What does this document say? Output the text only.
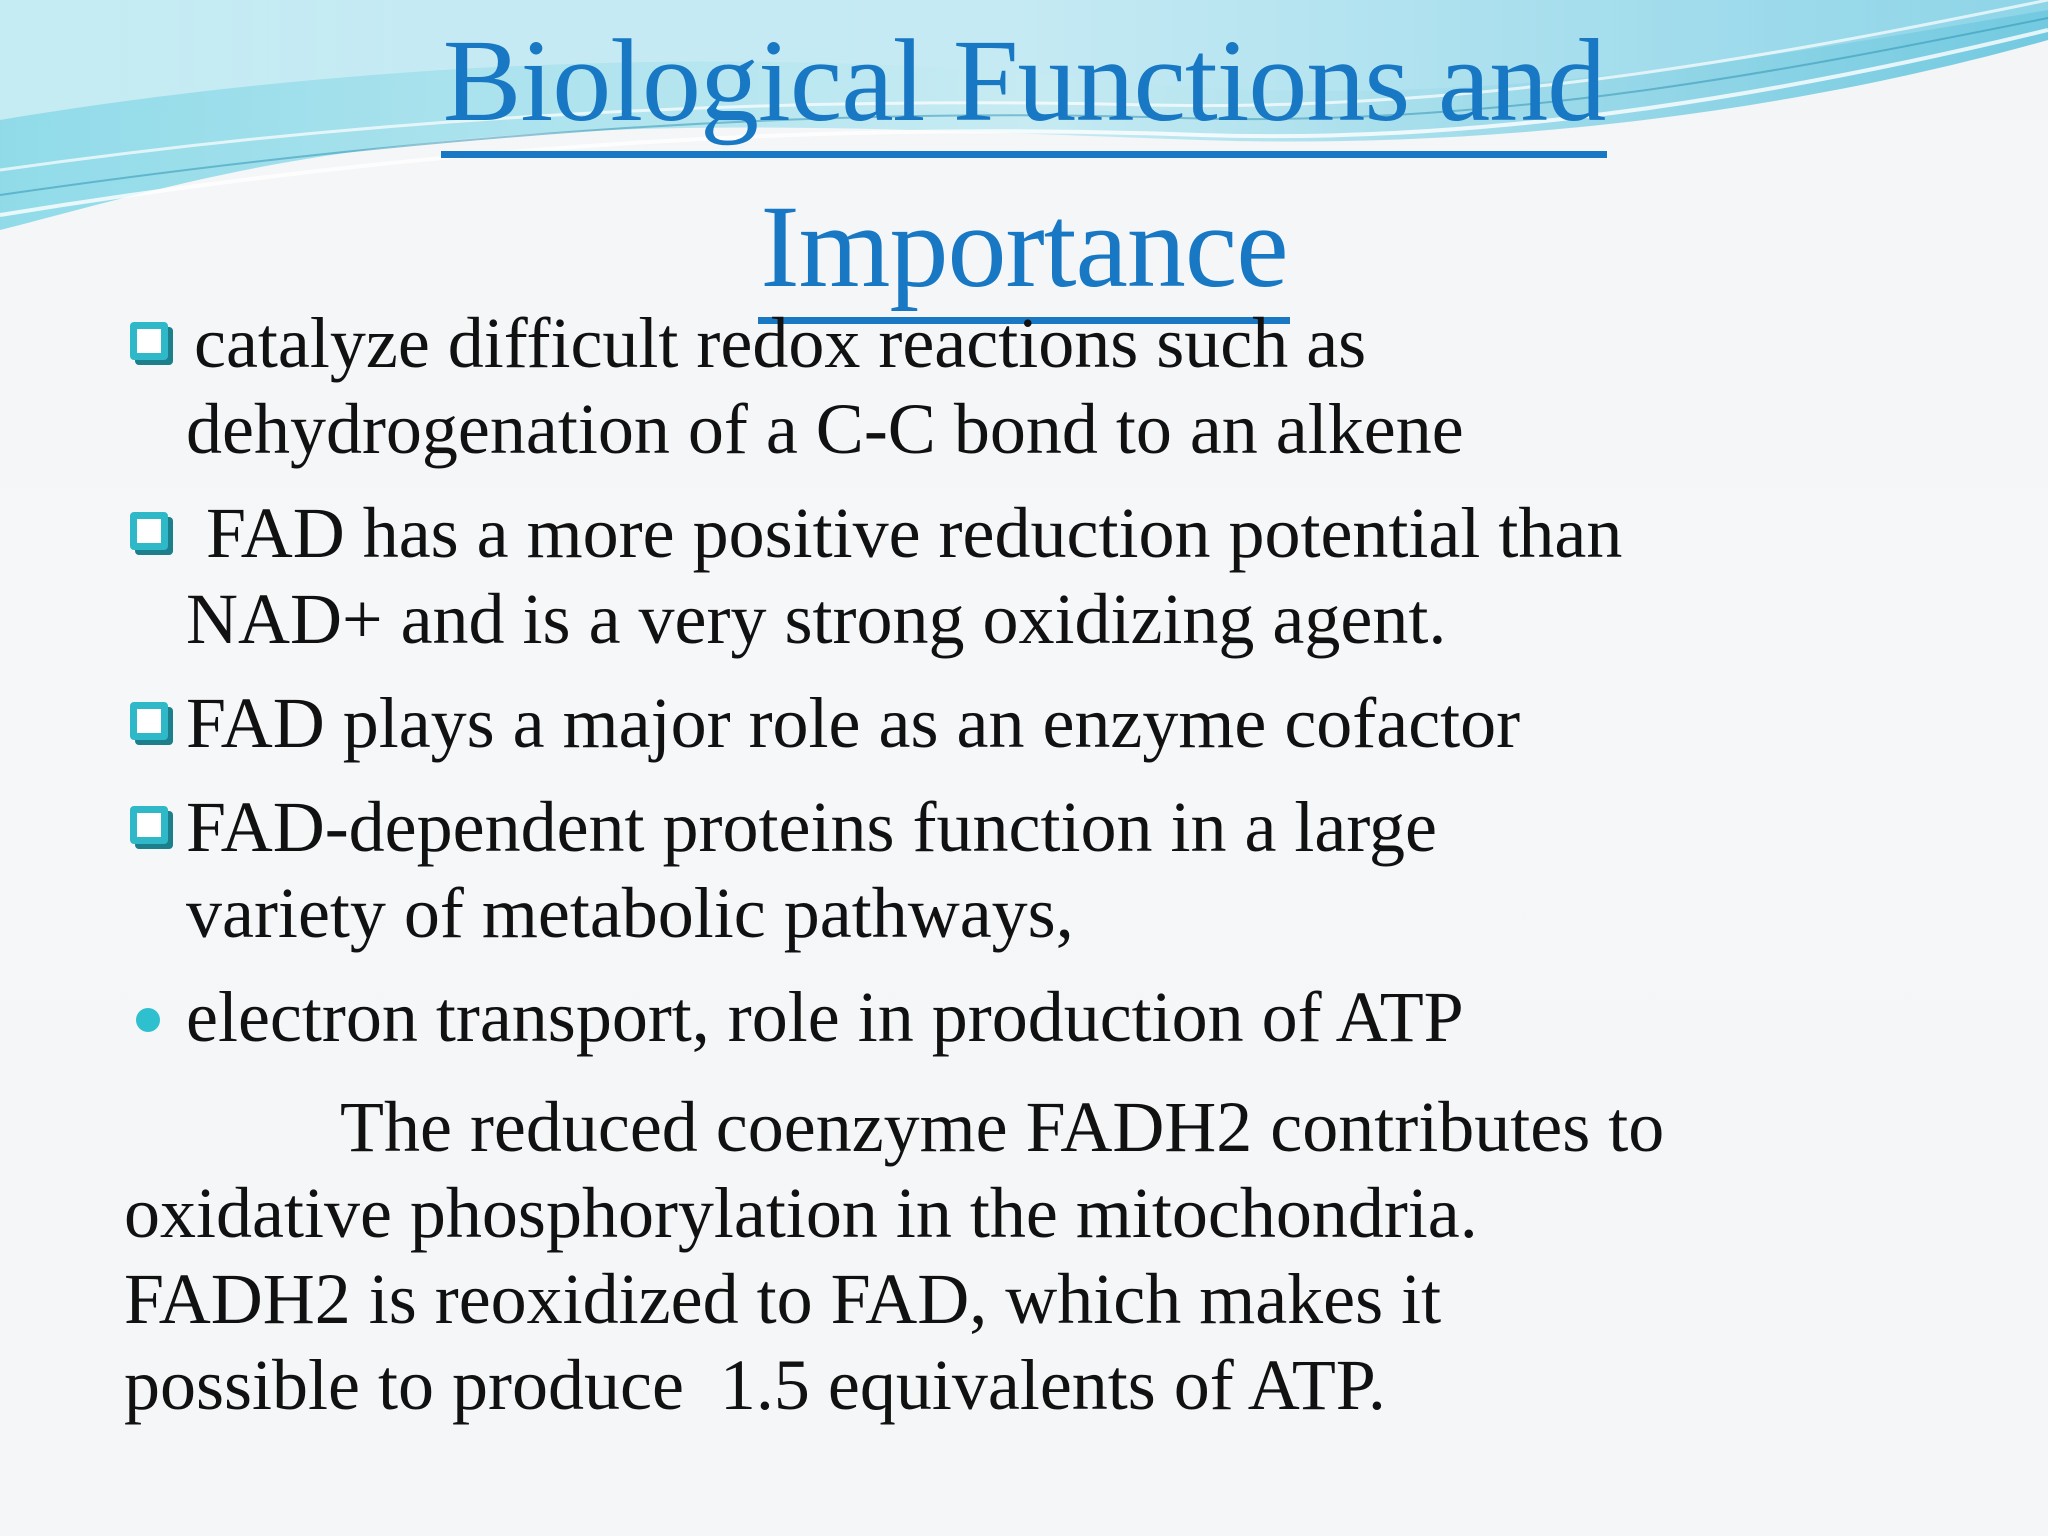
Biological Functions and
Importance
catalyze difficult redox reactions such as
dehydrogenation of a C-C bond to an alkene
FAD has a more positive reduction potential than
NAD+ and is a very strong oxidizing agent.
FAD plays a major role as an enzyme cofactor
FAD-dependent proteins function in a large
variety of metabolic pathways,
electron transport, role in production of ATP
The reduced coenzyme FADH2 contributes to
oxidative phosphorylation in the mitochondria.
FADH2 is reoxidized to FAD, which makes it
possible to produce  1.5 equivalents of ATP.
